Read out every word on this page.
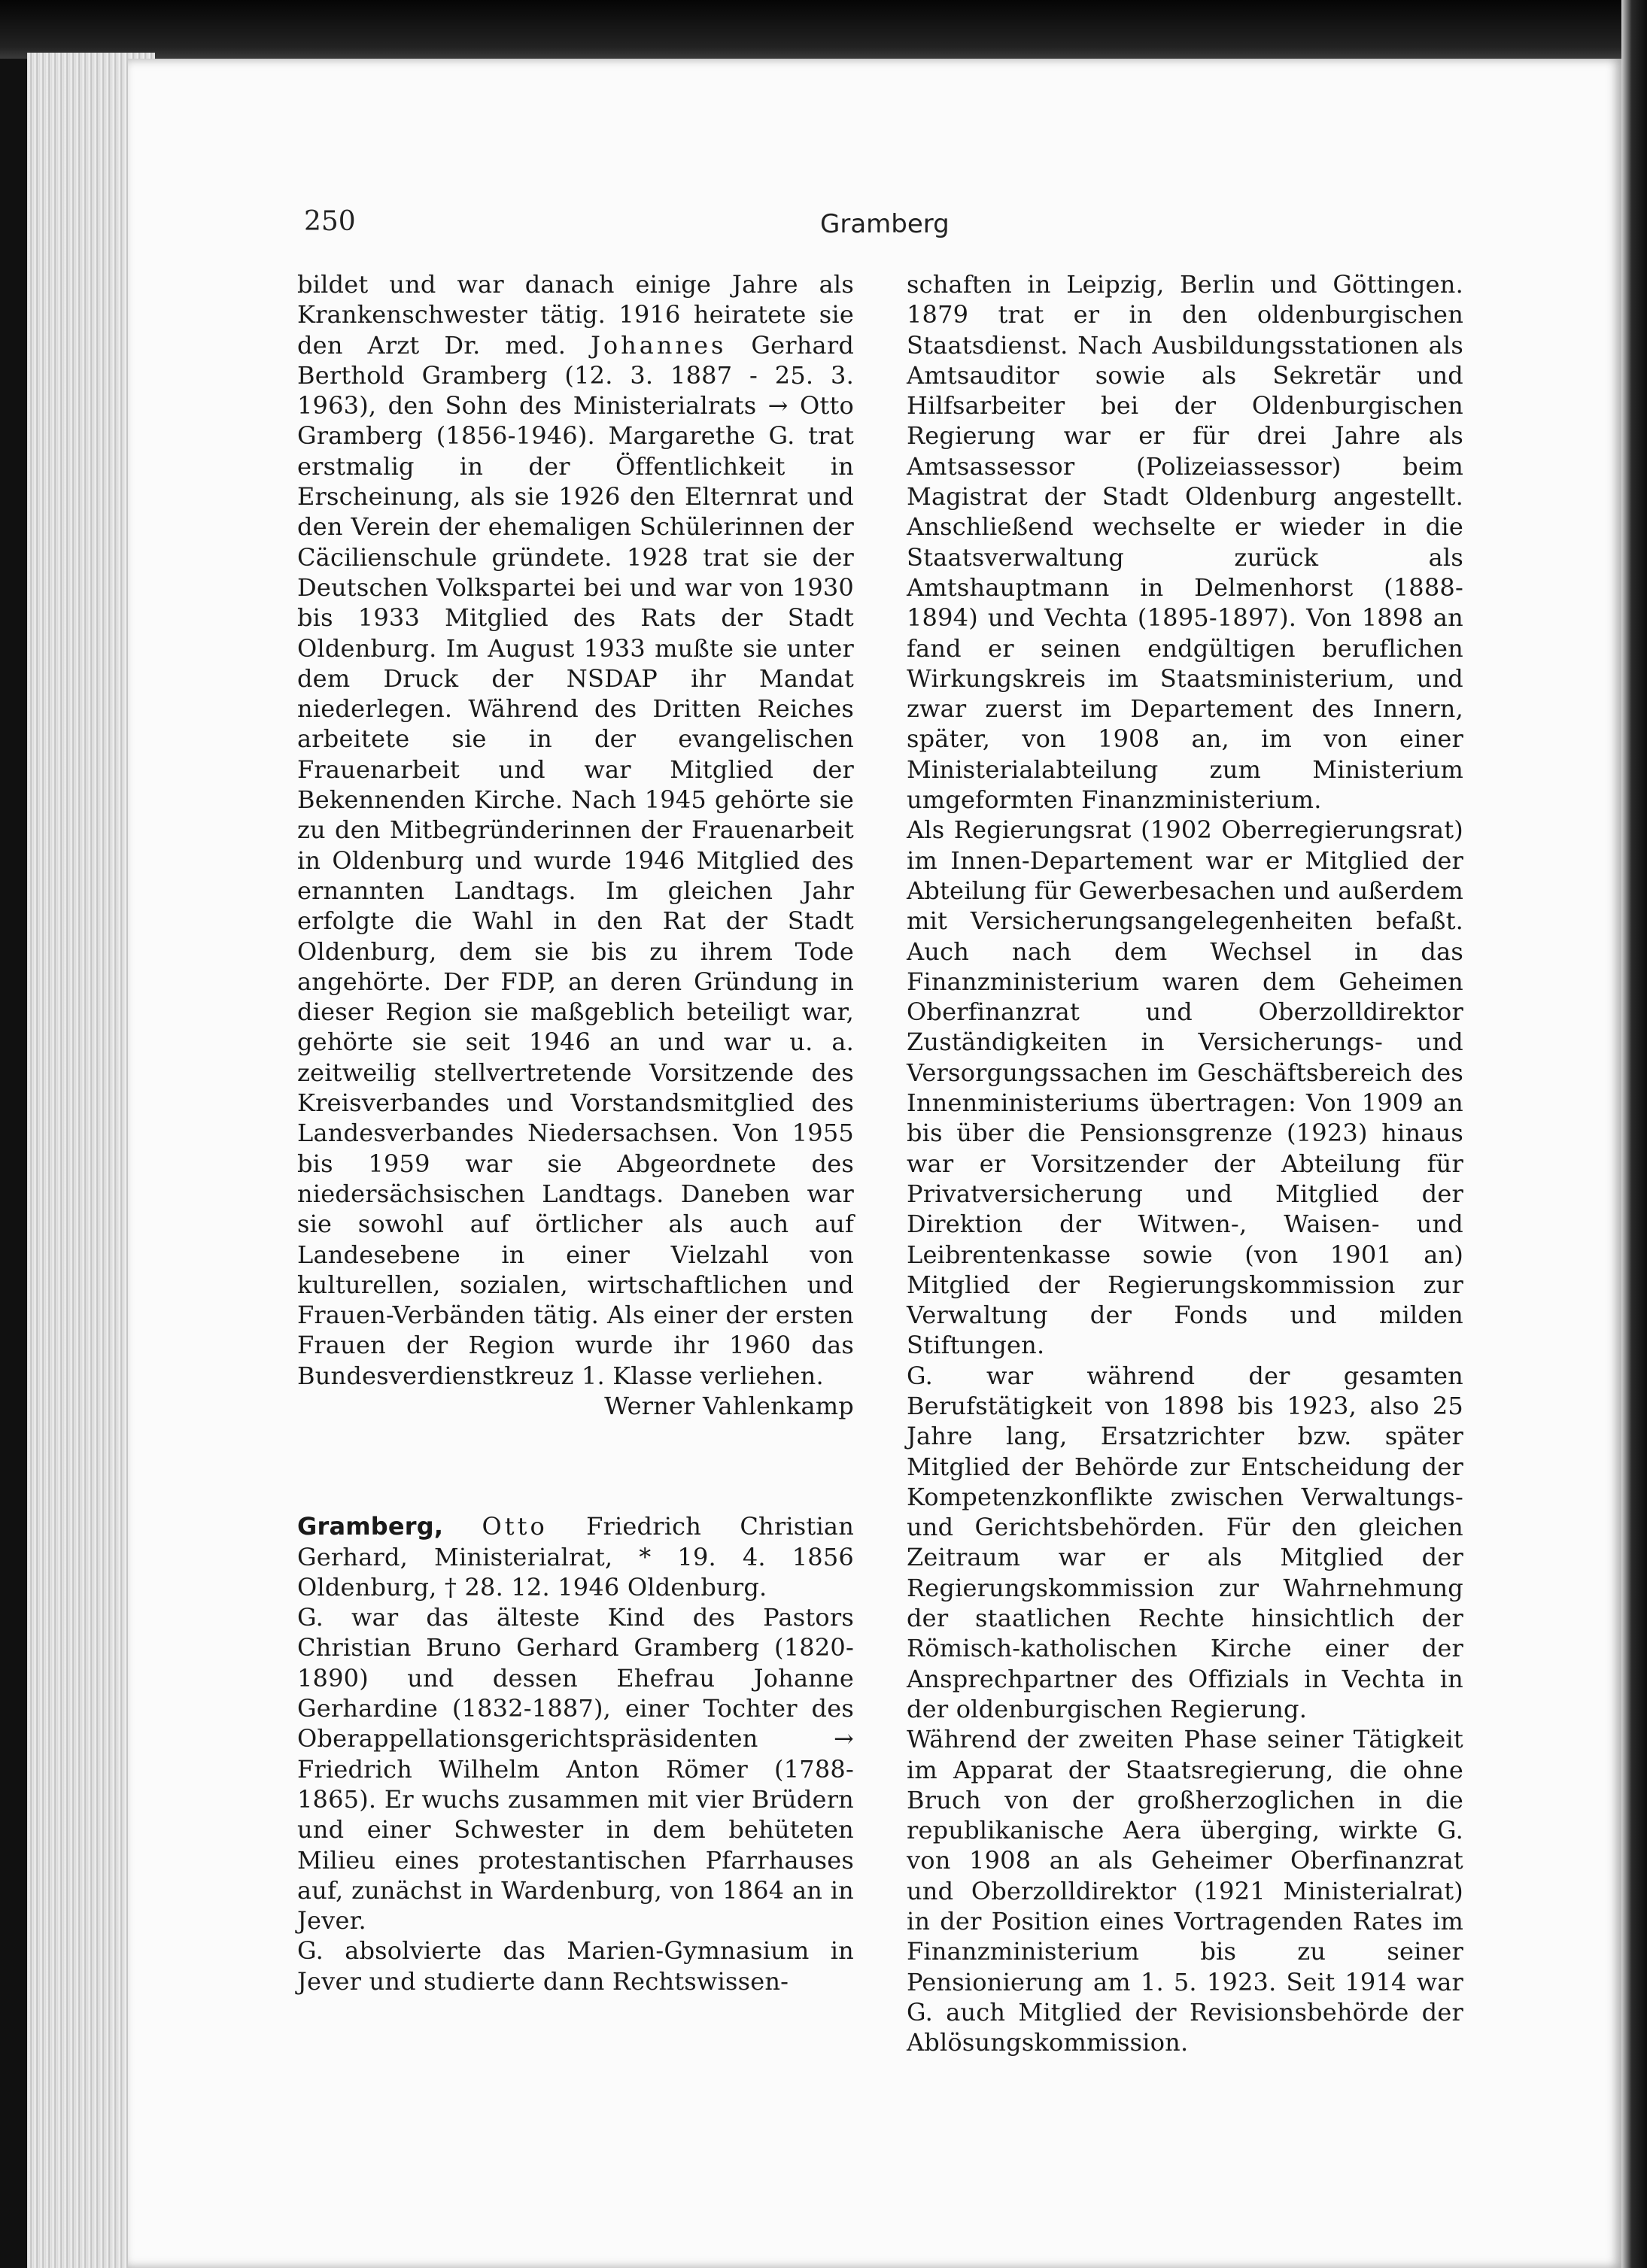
250	Gramberg

bildet und war danach einige Jahre als Krankenschwester tätig. 1916 heiratete sie den Arzt Dr. med. Johannes Gerhard Berthold Gramberg (12. 3. 1887 - 25. 3. 1963), den Sohn des Ministerialrats → Otto Gramberg (1856-1946). Margarethe G. trat erstmalig in der Öffentlichkeit in Erscheinung, als sie 1926 den Elternrat und den Verein der ehemaligen Schülerinnen der Cäcilienschule gründete. 1928 trat sie der Deutschen Volkspartei bei und war von 1930 bis 1933 Mitglied des Rats der Stadt Oldenburg. Im August 1933 mußte sie unter dem Druck der NSDAP ihr Mandat niederlegen. Während des Dritten Reiches arbeitete sie in der evangelischen Frauenarbeit und war Mitglied der Bekennenden Kirche. Nach 1945 gehörte sie zu den Mitbegründerinnen der Frauenarbeit in Oldenburg und wurde 1946 Mitglied des ernannten Landtags. Im gleichen Jahr erfolgte die Wahl in den Rat der Stadt Oldenburg, dem sie bis zu ihrem Tode angehörte. Der FDP, an deren Gründung in dieser Region sie maßgeblich beteiligt war, gehörte sie seit 1946 an und war u. a. zeitweilig stellvertretende Vorsitzende des Kreisverbandes und Vorstandsmitglied des Landesverbandes Niedersachsen. Von 1955 bis 1959 war sie Abgeordnete des niedersächsischen Landtags. Daneben war sie sowohl auf örtlicher als auch auf Landesebene in einer Vielzahl von kulturellen, sozialen, wirtschaftlichen und Frauen-Verbänden tätig. Als einer der ersten Frauen der Region wurde ihr 1960 das Bundesverdienstkreuz 1. Klasse verliehen.

Werner Vahlenkamp

Gramberg, Otto Friedrich Christian Gerhard, Ministerialrat, * 19. 4. 1856 Oldenburg, † 28. 12. 1946 Oldenburg.

G. war das älteste Kind des Pastors Christian Bruno Gerhard Gramberg (1820-1890) und dessen Ehefrau Johanne Gerhardine (1832-1887), einer Tochter des Oberappellationsgerichtspräsidenten → Friedrich Wilhelm Anton Römer (1788-1865). Er wuchs zusammen mit vier Brüdern und einer Schwester in dem behüteten Milieu eines protestantischen Pfarrhauses auf, zunächst in Wardenburg, von 1864 an in Jever.

G. absolvierte das Marien-Gymnasium in Jever und studierte dann Rechtswissen-

schaften in Leipzig, Berlin und Göttingen. 1879 trat er in den oldenburgischen Staatsdienst. Nach Ausbildungsstationen als Amtsauditor sowie als Sekretär und Hilfsarbeiter bei der Oldenburgischen Regierung war er für drei Jahre als Amtsassessor (Polizeiassessor) beim Magistrat der Stadt Oldenburg angestellt. Anschließend wechselte er wieder in die Staatsverwaltung zurück als Amtshauptmann in Delmenhorst (1888-1894) und Vechta (1895-1897). Von 1898 an fand er seinen endgültigen beruflichen Wirkungskreis im Staatsministerium, und zwar zuerst im Departement des Innern, später, von 1908 an, im von einer Ministerialabteilung zum Ministerium umgeformten Finanzministerium.

Als Regierungsrat (1902 Oberregierungsrat) im Innen-Departement war er Mitglied der Abteilung für Gewerbesachen und außerdem mit Versicherungsangelegenheiten befaßt. Auch nach dem Wechsel in das Finanzministerium waren dem Geheimen Oberfinanzrat und Oberzolldirektor Zuständigkeiten in Versicherungs- und Versorgungssachen im Geschäftsbereich des Innenministeriums übertragen: Von 1909 an bis über die Pensionsgrenze (1923) hinaus war er Vorsitzender der Abteilung für Privatversicherung und Mitglied der Direktion der Witwen-, Waisen- und Leibrentenkasse sowie (von 1901 an) Mitglied der Regierungskommission zur Verwaltung der Fonds und milden Stiftungen.

G. war während der gesamten Berufstätigkeit von 1898 bis 1923, also 25 Jahre lang, Ersatzrichter bzw. später Mitglied der Behörde zur Entscheidung der Kompetenzkonflikte zwischen Verwaltungs- und Gerichtsbehörden. Für den gleichen Zeitraum war er als Mitglied der Regierungskommission zur Wahrnehmung der staatlichen Rechte hinsichtlich der Römisch-katholischen Kirche einer der Ansprechpartner des Offizials in Vechta in der oldenburgischen Regierung.

Während der zweiten Phase seiner Tätigkeit im Apparat der Staatsregierung, die ohne Bruch von der großherzoglichen in die republikanische Aera überging, wirkte G. von 1908 an als Geheimer Oberfinanzrat und Oberzolldirektor (1921 Ministerialrat) in der Position eines Vortragenden Rates im Finanzministerium bis zu seiner Pensionierung am 1. 5. 1923. Seit 1914 war G. auch Mitglied der Revisionsbehörde der Ablösungskommission.
